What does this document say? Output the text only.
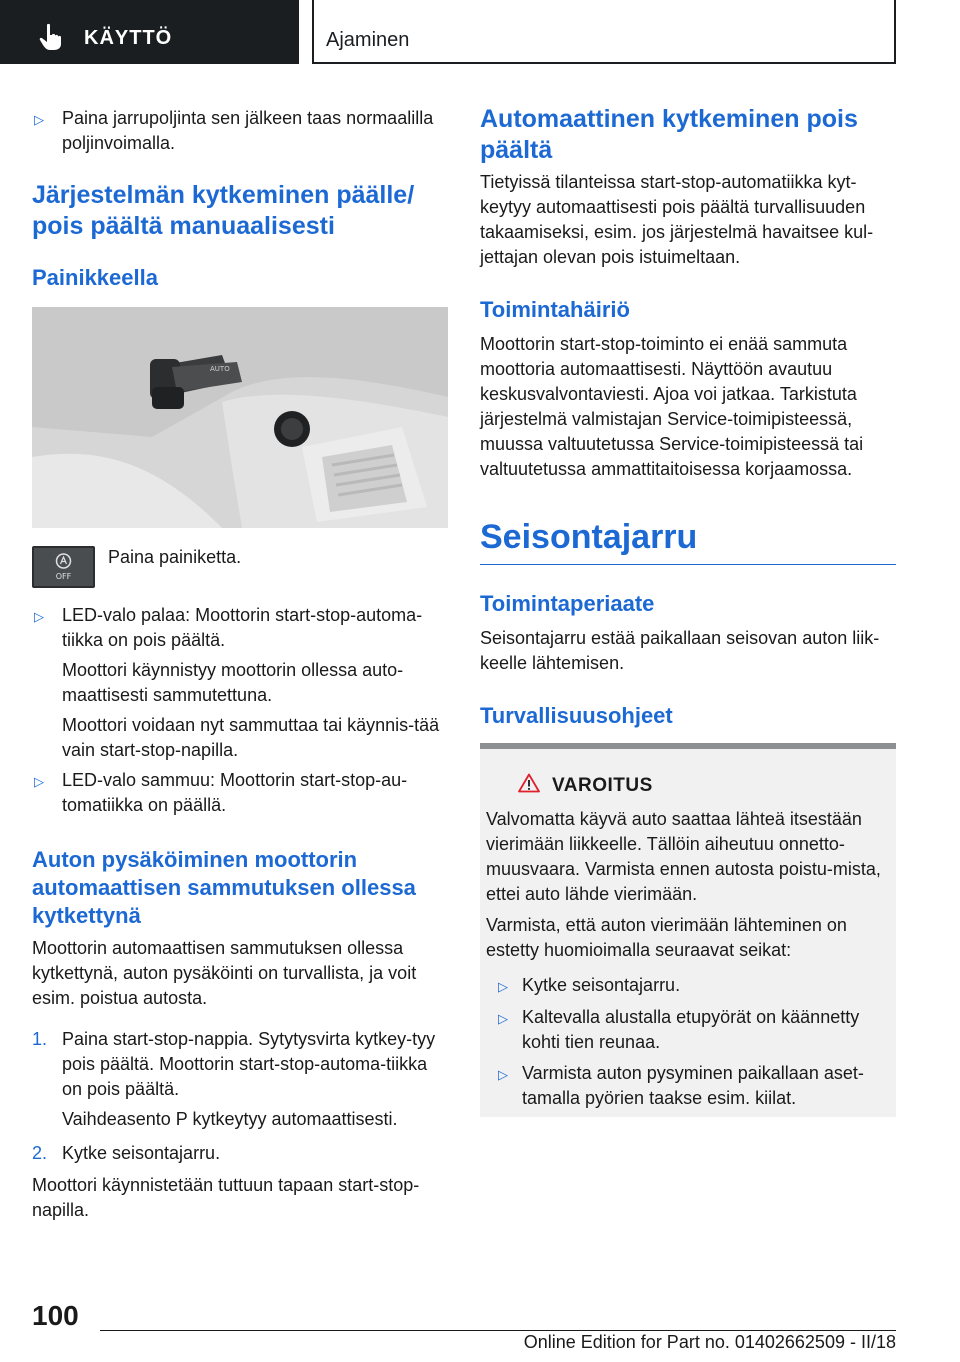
KÄYTTÖ	Ajaminen
▷ Paina jarrupoljinta sen jälkeen taas normaalilla poljinvoimalla.

Järjestelmän kytkeminen päälle/ pois päältä manuaalisesti
Painikkeella
AUTO
OFF

Paina painiketta.

▷ LED-valo palaa: Moottorin start-stop-automa-tiikka on pois päältä.

Moottori käynnistyy moottorin ollessa auto-maattisesti sammutettuna.

Moottori voidaan nyt sammuttaa tai käynnis-tää vain start-stop-napilla.

▷ LED-valo sammuu: Moottorin start-stop-au-tomatiikka on päällä.

Auton pysäköiminen moottorin automaattisen sammutuksen ollessa kytkettynä

Moottorin automaattisen sammutuksen ollessa kytkettynä, auton pysäköinti on turvallista, ja voit esim. poistua autosta.

1. Paina start-stop-nappia. Sytytysvirta kytkey-tyy pois päältä. Moottorin start-stop-automa-tiikka on pois päältä.

Vaihdeasento P kytkeytyy automaattisesti.

2. Kytke seisontajarru.

Moottori käynnistetään tuttuun tapaan start-stop-napilla.

Automaattinen kytkeminen pois päältä

Tietyissä tilanteissa start-stop-automatiikka kyt-keytyy automaattisesti pois päältä turvallisuuden takaamiseksi, esim. jos järjestelmä havaitsee kul-jettajan olevan pois istuimeltaan.

Toimintahäiriö

Moottorin start-stop-toiminto ei enää sammuta moottoria automaattisesti. Näyttöön avautuu keskusvalvontaviesti. Ajoa voi jatkaa. Tarkistuta järjestelmä valmistajan Service-toimipisteessä, muussa valtuutetussa Service-toimipisteessä tai valtuutetussa ammattitaitoisessa korjaamossa.

Seisontajarru
Toimintaperiaate

Seisontajarru estää paikallaan seisovan auton liik-keelle lähtemisen.

Turvallisuusohjeet
VAROITUS

Valvomatta käyvä auto saattaa lähteä itsestään vierimään liikkeelle. Tällöin aiheutuu onnetto-muusvaara. Varmista ennen autosta poistu-mista, ettei auto lähde vierimään.

Varmista, että auton vierimään lähteminen on estetty huomioimalla seuraavat seikat:

▷ Kytke seisontajarru.

▷ Kaltevalla alustalla etupyörät on käännetty kohti tien reunaa.

▷ Varmista auton pysyminen paikallaan aset-tamalla pyörien taakse esim. kiilat.

100
Online Edition for Part no. 01402662509 - II/18
